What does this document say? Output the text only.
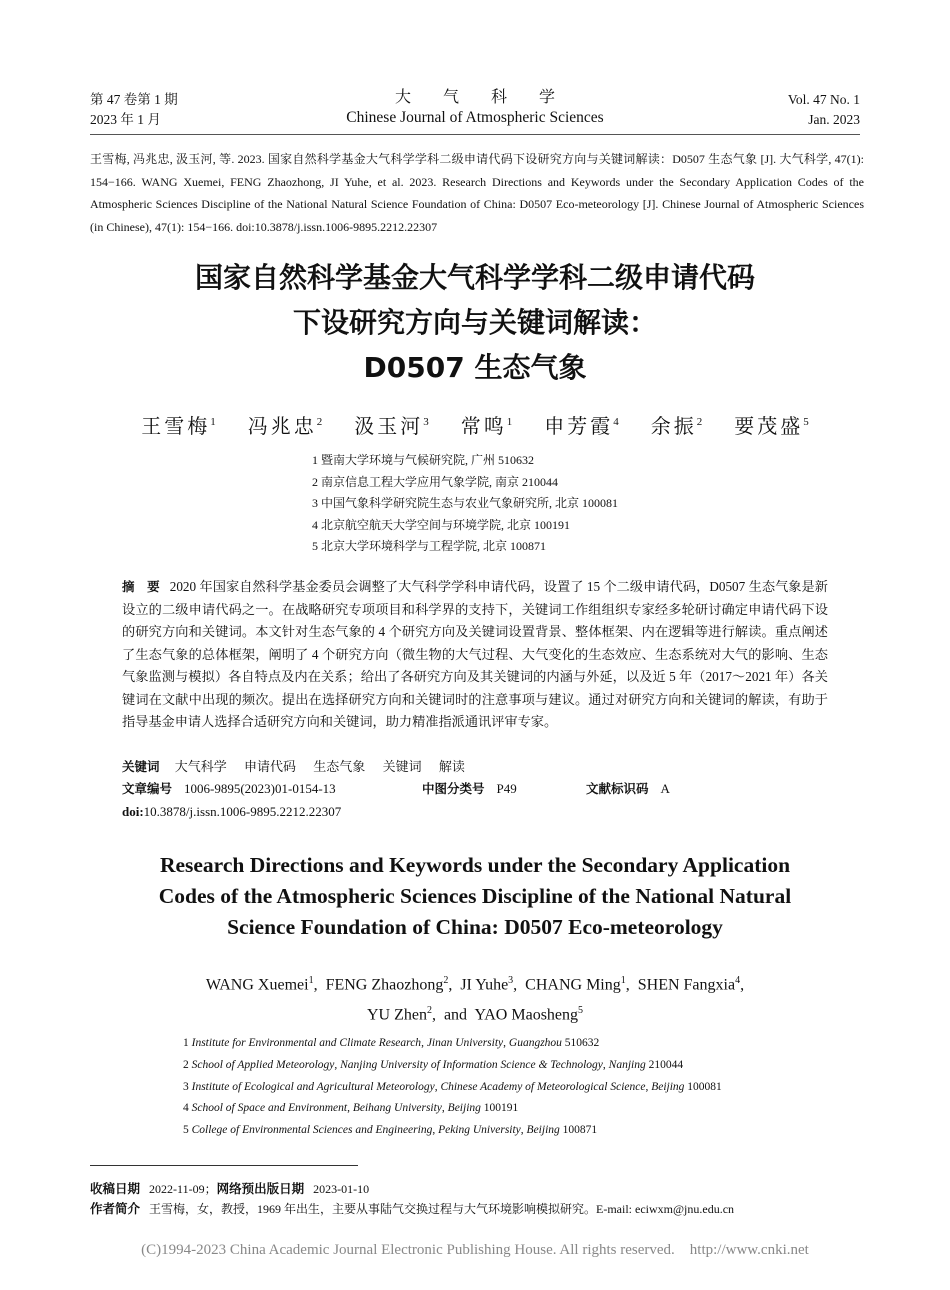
第 47 卷第 1 期
2023 年 1 月
大 气 科 学
Chinese Journal of Atmospheric Sciences
Vol. 47 No. 1
Jan. 2023
王雪梅, 冯兆忠, 汲玉河, 等. 2023. 国家自然科学基金大气科学学科二级申请代码下设研究方向与关键词解读：D0507 生态气象 [J]. 大气科学, 47(1): 154−166. WANG Xuemei, FENG Zhaozhong, JI Yuhe, et al. 2023. Research Directions and Keywords under the Secondary Application Codes of the Atmospheric Sciences Discipline of the National Natural Science Foundation of China: D0507 Eco-meteorology [J]. Chinese Journal of Atmospheric Sciences (in Chinese), 47(1): 154−166. doi:10.3878/j.issn.1006-9895.2212.22307
国家自然科学基金大气科学学科二级申请代码
下设研究方向与关键词解读：
D0507 生态气象
王雪梅$^1$ 冯兆忠$^2$ 汲玉河$^3$ 常鸣$^1$ 申芳霞$^4$ 余振$^2$ 要茂盛$^5$
1 暨南大学环境与气候研究院, 广州 510632
2 南京信息工程大学应用气象学院, 南京 210044
3 中国气象科学研究院生态与农业气象研究所, 北京 100081
4 北京航空航天大学空间与环境学院, 北京 100191
5 北京大学环境科学与工程学院, 北京 100871
摘　要 2020 年国家自然科学基金委员会调整了大气科学学科申请代码，设置了 15 个二级申请代码，D0507 生态气象是新设立的二级申请代码之一。在战略研究专项项目和科学界的支持下，关键词工作组组织专家经多轮研讨确定申请代码下设的研究方向和关键词。本文针对生态气象的 4 个研究方向及关键词设置背景、整体框架、内在逻辑等进行解读。重点阐述了生态气象的总体框架，阐明了 4 个研究方向（微生物的大气过程、大气变化的生态效应、生态系统对大气的影响、生态气象监测与模拟）各自特点及内在关系；给出了各研究方向及其关键词的内涵与外延，以及近 5 年（2017～2021 年）各关键词在文献中出现的频次。提出在选择研究方向和关键词时的注意事项与建议。通过对研究方向和关键词的解读，有助于指导基金申请人选择合适研究方向和关键词，助力精准指派通讯评审专家。
关键词 大气科学 申请代码 生态气象 关键词 解读
文章编号 1006-9895(2023)01-0154-13	中图分类号 P49	文献标识码 A
doi:10.3878/j.issn.1006-9895.2212.22307
Research Directions and Keywords under the Secondary Application
Codes of the Atmospheric Sciences Discipline of the National Natural
Science Foundation of China: D0507 Eco-meteorology
WANG Xuemei$^1$,  FENG Zhaozhong$^2$,  JI Yuhe$^3$,  CHANG Ming$^1$,  SHEN Fangxia$^4$,
YU Zhen$^2$,  and YAO Maosheng$^5$
1 Institute for Environmental and Climate Research, Jinan University, Guangzhou 510632
2 School of Applied Meteorology, Nanjing University of Information Science & Technology, Nanjing 210044
3 Institute of Ecological and Agricultural Meteorology, Chinese Academy of Meteorological Science, Beijing 100081
4 School of Space and Environment, Beihang University, Beijing 100191
5 College of Environmental Sciences and Engineering, Peking University, Beijing 100871
收稿日期 2022-11-09；网络预出版日期 2023-01-10
作者简介 王雪梅，女，教授，1969 年出生，主要从事陆气交换过程与大气环境影响模拟研究。E-mail: eciwxm@jnu.edu.cn
(C)1994-2023 China Academic Journal Electronic Publishing House. All rights reserved.    http://www.cnki.net
